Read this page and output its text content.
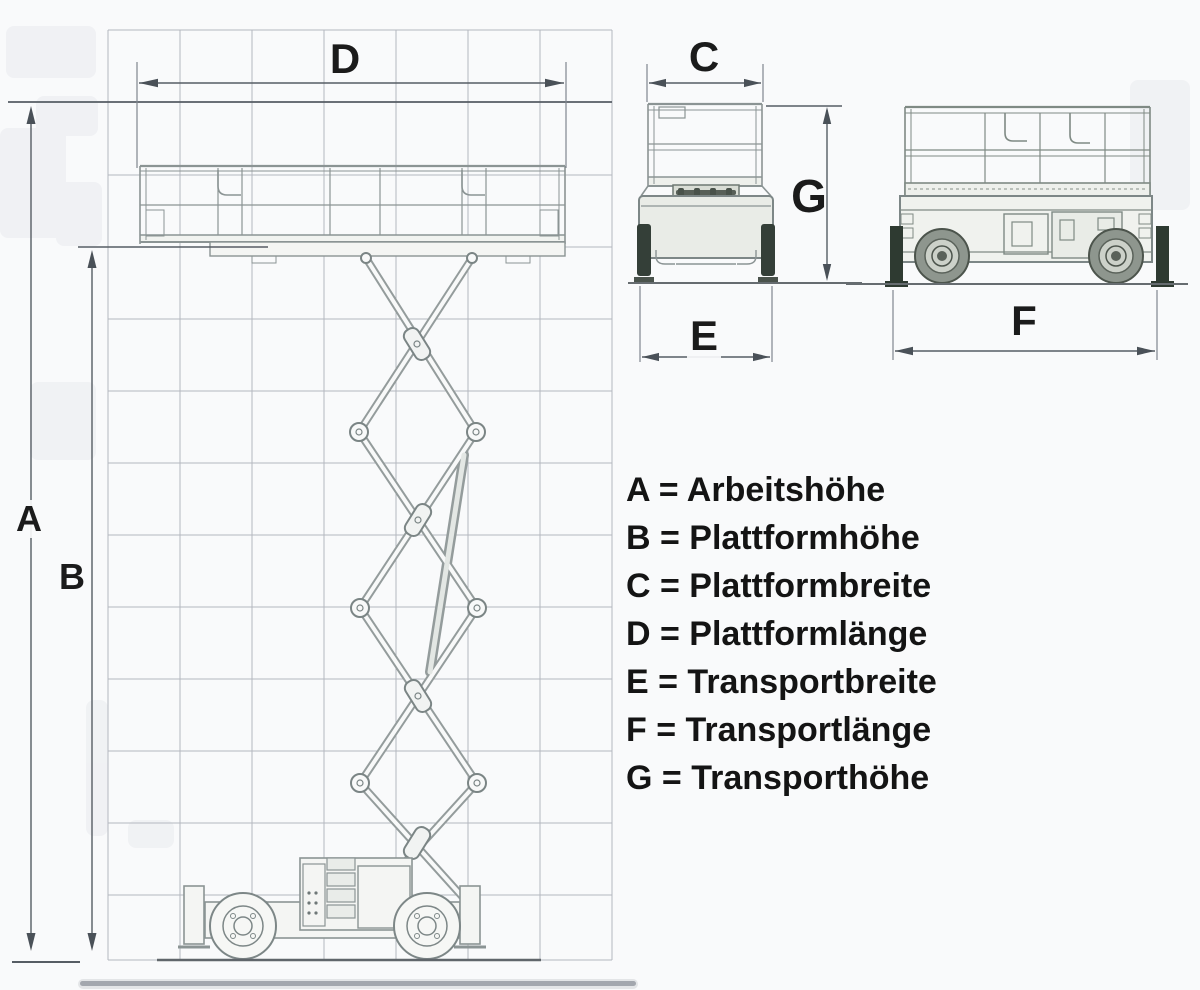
A
B
C
D
E	F
G
A = Arbeitshöhe
B = Plattformhöhe
C = Plattformbreite
D = Plattformlänge
E = Transportbreite
F = Transportlänge
G = Transporthöhe
